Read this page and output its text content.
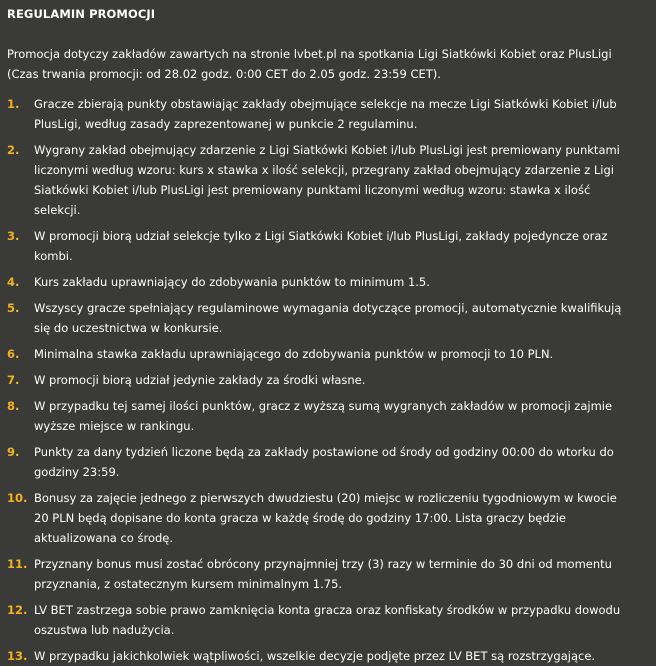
REGULAMIN PROMOCJI
Promocja dotyczy zakładów zawartych na stronie lvbet.pl na spotkania Ligi Siatkówki Kobiet oraz PlusLigi (Czas trwania promocji: od 28.02 godz. 0:00 CET do 2.05 godz. 23:59 CET).
1.	Gracze zbierają punkty obstawiając zakłady obejmujące selekcje na mecze Ligi Siatkówki Kobiet i/lub PlusLigi, według zasady zaprezentowanej w punkcie 2 regulaminu.
2.	Wygrany zakład obejmujący zdarzenie z Ligi Siatkówki Kobiet i/lub PlusLigi jest premiowany punktami liczonymi według wzoru: kurs x stawka x ilość selekcji, przegrany zakład obejmujący zdarzenie z Ligi Siatkówki Kobiet i/lub PlusLigi jest premiowany punktami liczonymi według wzoru: stawka x ilość selekcji.
3.	W promocji biorą udział selekcje tylko z Ligi Siatkówki Kobiet i/lub PlusLigi, zakłady pojedyncze oraz kombi.
4.	Kurs zakładu uprawniający do zdobywania punktów to minimum 1.5.
5.	Wszyscy gracze spełniający regulaminowe wymagania dotyczące promocji, automatycznie kwalifikują się do uczestnictwa w konkursie.
6.	Minimalna stawka zakładu uprawniającego do zdobywania punktów w promocji to 10 PLN.
7.	W promocji biorą udział jedynie zakłady za środki własne.
8.	W przypadku tej samej ilości punktów, gracz z wyższą sumą wygranych zakładów w promocji zajmie wyższe miejsce w rankingu.
9.	Punkty za dany tydzień liczone będą za zakłady postawione od środy od godziny 00:00 do wtorku do godziny 23:59.
10. Bonusy za zajęcie jednego z pierwszych dwudziestu (20) miejsc w rozliczeniu tygodniowym w kwocie 20 PLN będą dopisane do konta gracza w każdę środę do godziny 17:00. Lista graczy będzie aktualizowana co środę.
11. Przyznany bonus musi zostać obrócony przynajmniej trzy (3) razy w terminie do 30 dni od momentu przyznania, z ostatecznym kursem minimalnym 1.75.
12. LV BET zastrzega sobie prawo zamknięcia konta gracza oraz konfiskaty środków w przypadku dowodu oszustwa lub nadużycia.
13. W przypadku jakichkolwiek wątpliwości, wszelkie decyzje podjęte przez LV BET są rozstrzygające.
